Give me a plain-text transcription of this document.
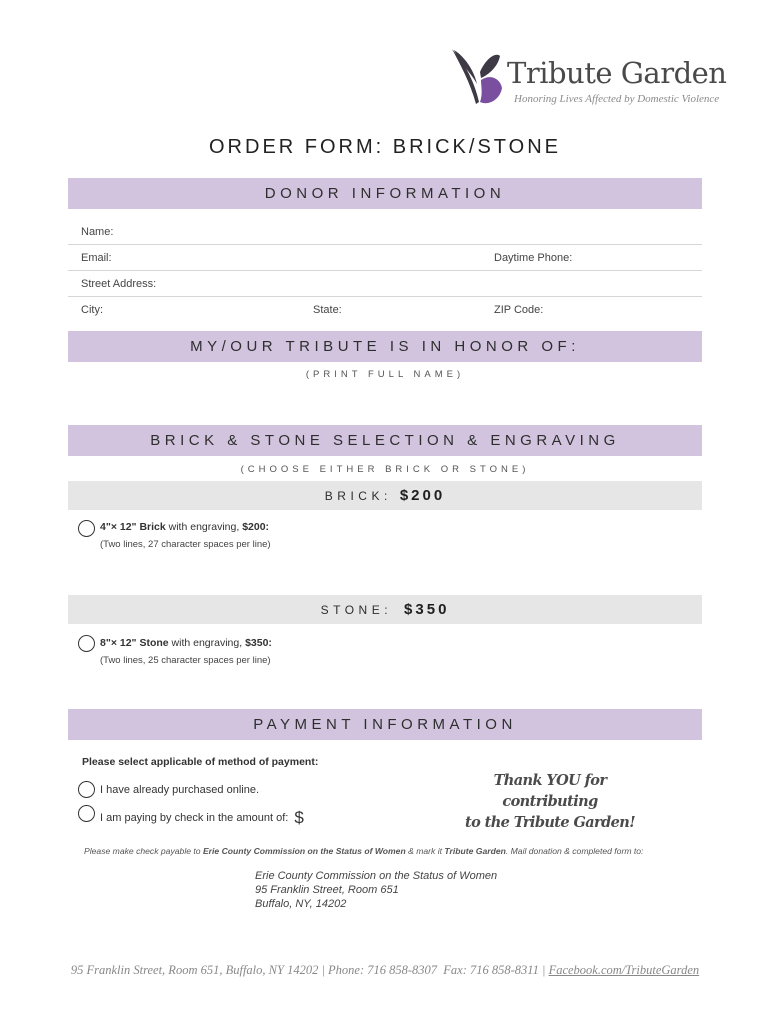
Tribute Garden
Honoring Lives Affected by Domestic Violence
ORDER FORM: BRICK/STONE
DONOR INFORMATION
Name:
Email:	Daytime Phone:
Street Address:
City:	State:	ZIP Code:
MY/OUR TRIBUTE IS IN HONOR OF:
(PRINT FULL NAME)
BRICK & STONE SELECTION & ENGRAVING
(CHOOSE EITHER BRICK OR STONE)
BRICK: $200
4"× 12" Brick with engraving, $200:
(Two lines, 27 character spaces per line)
STONE: $350
8"× 12" Stone with engraving, $350:
(Two lines, 25 character spaces per line)
PAYMENT INFORMATION
Please select applicable of method of payment:
I have already purchased online.
I am paying by check in the amount of: $
Thank YOU for contributing
to the Tribute Garden!
Please make check payable to Erie County Commission on the Status of Women & mark it Tribute Garden. Mail donation & completed form to:
Erie County Commission on the Status of Women
95 Franklin Street, Room 651
Buffalo, NY, 14202
95 Franklin Street, Room 651, Buffalo, NY 14202 | Phone: 716 858-8307 Fax: 716 858-8311 | Facebook.com/TributeGarden
